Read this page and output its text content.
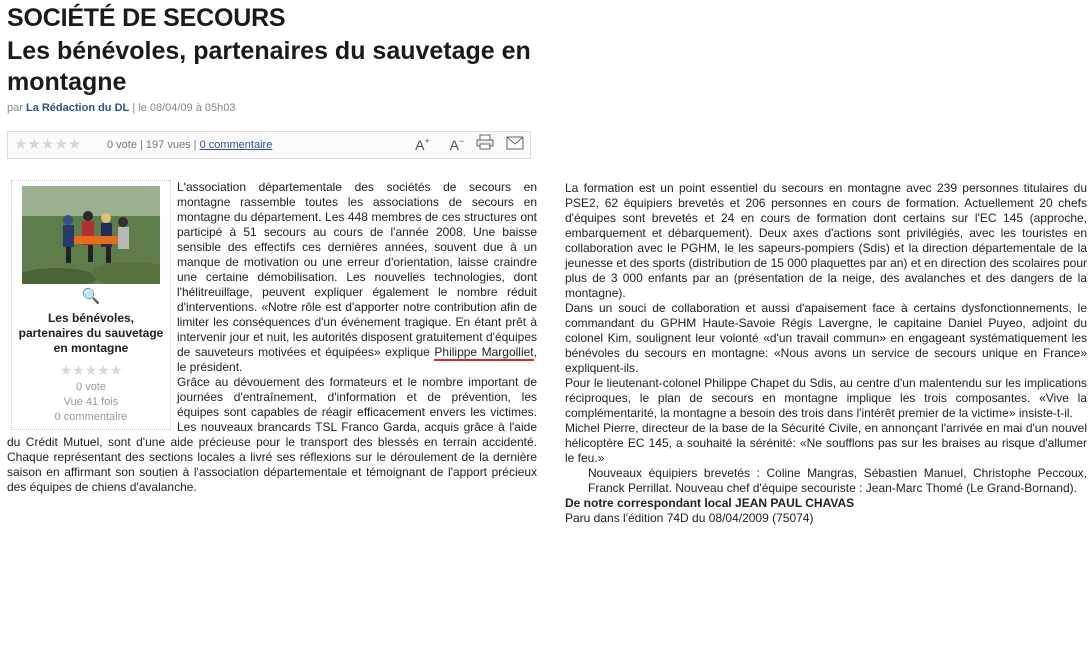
SOCIÉTÉ DE SECOURS
Les bénévoles, partenaires du sauvetage en montagne
par La Rédaction du DL | le 08/04/09 à 05h03
★★★★★ 0 vote | 197 vues | 0 commentaire	A+ A−
🔍
Les bénévoles, partenaires du sauvetage en montagne
★★★★★
0 vote
Vue 41 fois
0 commentaire
L'association départementale des sociétés de secours en montagne rassemble toutes les associations de secours en montagne du département. Les 448 membres de ces structures ont participé à 51 secours au cours de l'année 2008. Une baisse sensible des effectifs ces dernières années, souvent due à un manque de motivation ou une erreur d'orientation, laisse craindre une certaine démobilisation. Les nouvelles technologies, dont l'hélitreuillage, peuvent expliquer également le nombre réduit d'interventions. «Notre rôle est d'apporter notre contribution afin de limiter les conséquences d'un événement tragique. En étant prêt à intervenir jour et nuit, les autorités disposent gratuitement d'équipes de sauveteurs motivées et équipées» explique Philippe Margolliet, le président.
Grâce au dévouement des formateurs et le nombre important de journées d'entraînement, d'information et de prévention, les équipes sont capables de réagir efficacement envers les victimes. Les nouveaux brancards TSL Franco Garda, acquis grâce à l'aide du Crédit Mutuel, sont d'une aide précieuse pour le transport des blessés en terrain accidenté. Chaque représentant des sections locales a livré ses réflexions sur le déroulement de la dernière saison en affirmant son soutien à l'association départementale et témoignant de l'apport précieux des équipes de chiens d'avalanche.

La formation est un point essentiel du secours en montagne avec 239 personnes titulaires du PSE2, 62 équipiers brevetés et 206 personnes en cours de formation. Actuellement 20 chefs d'équipes sont brevetés et 24 en cours de formation dont certains sur l'EC 145 (approche, embarquement et débarquement). Deux axes d'actions sont privilégiés, avec les touristes en collaboration avec le PGHM, le les sapeurs-pompiers (Sdis) et la direction départementale de la jeunesse et des sports (distribution de 15 000 plaquettes par an) et en direction des scolaires pour plus de 3 000 enfants par an (présentation de la neige, des avalanches et des dangers de la montagne).

Dans un souci de collaboration et aussi d'apaisement face à certains dysfonctionnements, le commandant du GPHM Haute-Savoie Régis Lavergne, le capitaine Daniel Puyeo, adjoint du colonel Kim, soulignent leur volonté «d'un travail commun» en engageant systématiquement les bénévoles du secours en montagne: «Nous avons un service de secours unique en France» expliquent-ils.

Pour le lieutenant-colonel Philippe Chapet du Sdis, au centre d'un malentendu sur les implications réciproques, le plan de secours en montagne implique les trois composantes. «Vive la complémentarité, la montagne a besoin des trois dans l'intérêt premier de la victime» insiste-t-il.

Michel Pierre, directeur de la base de la Sécurité Civile, en annonçant l'arrivée en mai d'un nouvel hélicoptère EC 145, a souhaité la sérénité: «Ne soufflons pas sur les braises au risque d'allumer le feu.»

Nouveaux équipiers brevetés : Coline Mangras, Sébastien Manuel, Christophe Peccoux, Franck Perrillat. Nouveau chef d'équipe secouriste : Jean-Marc Thomé (Le Grand-Bornand).

De notre correspondant local JEAN PAUL CHAVAS

Paru dans l'édition 74D du 08/04/2009 (75074)
